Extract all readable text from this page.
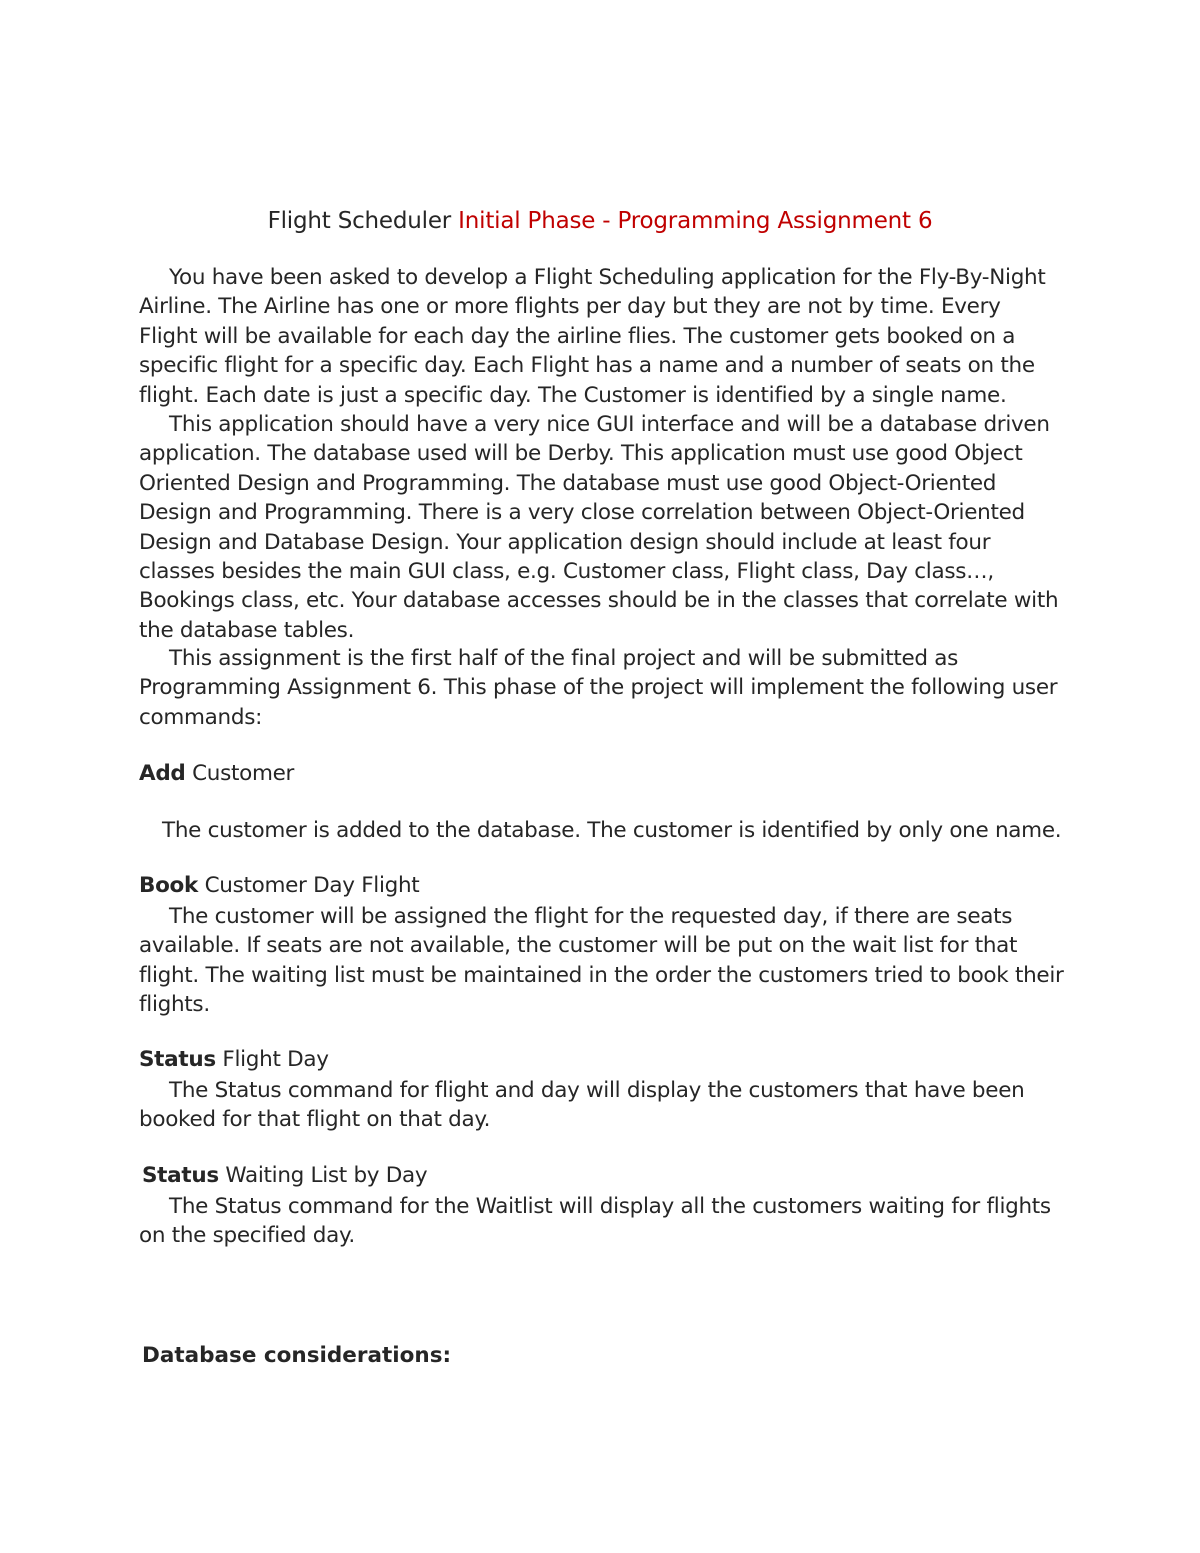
Flight Scheduler Initial Phase - Programming Assignment 6
You have been asked to develop a Flight Scheduling application for the Fly-By-Night
Airline. The Airline has one or more flights per day but they are not by time. Every
Flight will be available for each day the airline flies. The customer gets booked on a
specific flight for a specific day. Each Flight has a name and a number of seats on the
flight. Each date is just a specific day. The Customer is identified by a single name.
This application should have a very nice GUI interface and will be a database driven
application. The database used will be Derby. This application must use good Object
Oriented Design and Programming. The database must use good Object-Oriented
Design and Programming. There is a very close correlation between Object-Oriented
Design and Database Design. Your application design should include at least four
classes besides the main GUI class, e.g. Customer class, Flight class, Day class…,
Bookings class, etc. Your database accesses should be in the classes that correlate with
the database tables.
This assignment is the first half of the final project and will be submitted as
Programming Assignment 6. This phase of the project will implement the following user
commands:
Add Customer
The customer is added to the database. The customer is identified by only one name.
Book Customer Day Flight
The customer will be assigned the flight for the requested day, if there are seats
available. If seats are not available, the customer will be put on the wait list for that
flight. The waiting list must be maintained in the order the customers tried to book their
flights.
Status Flight Day
The Status command for flight and day will display the customers that have been
booked for that flight on that day.
Status Waiting List by Day
The Status command for the Waitlist will display all the customers waiting for flights
on the specified day.
Database considerations:
